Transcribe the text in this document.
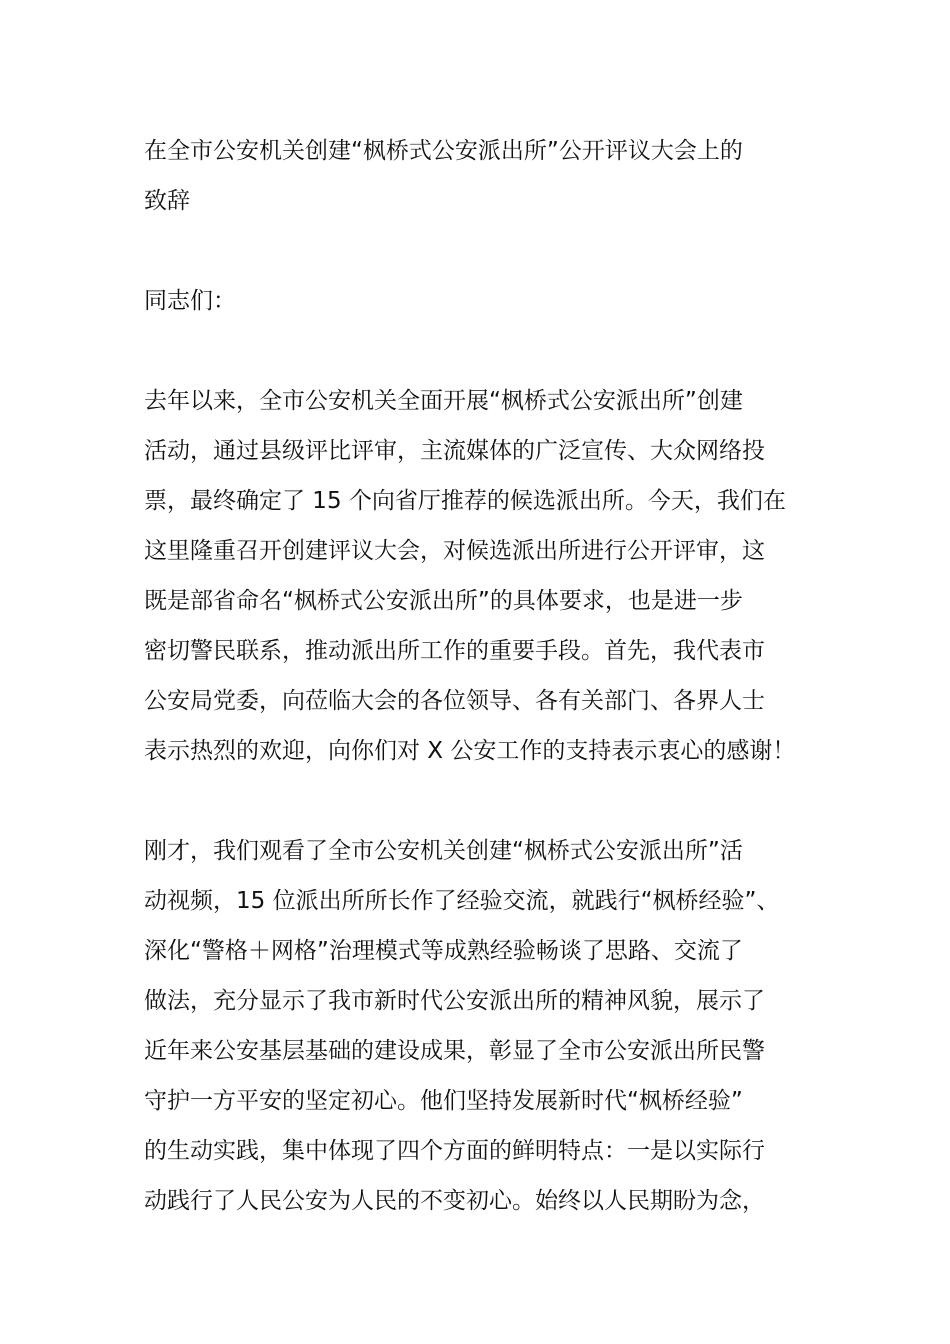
在全市公安机关创建“枫桥式公安派出所”公开评议大会上的
致辞
同志们：
去年以来，全市公安机关全面开展“枫桥式公安派出所”创建
活动，通过县级评比评审，主流媒体的广泛宣传、大众网络投
票，最终确定了 15 个向省厅推荐的候选派出所。今天，我们在
这里隆重召开创建评议大会，对候选派出所进行公开评审，这
既是部省命名“枫桥式公安派出所”的具体要求，也是进一步
密切警民联系，推动派出所工作的重要手段。首先，我代表市
公安局党委，向莅临大会的各位领导、各有关部门、各界人士
表示热烈的欢迎，向你们对 X 公安工作的支持表示衷心的感谢！
刚才，我们观看了全市公安机关创建“枫桥式公安派出所”活
动视频，15 位派出所所长作了经验交流，就践行“枫桥经验”、
深化“警格＋网格”治理模式等成熟经验畅谈了思路、交流了
做法，充分显示了我市新时代公安派出所的精神风貌，展示了
近年来公安基层基础的建设成果，彰显了全市公安派出所民警
守护一方平安的坚定初心。他们坚持发展新时代“枫桥经验”
的生动实践，集中体现了四个方面的鲜明特点：一是以实际行
动践行了人民公安为人民的不变初心。始终以人民期盼为念，
